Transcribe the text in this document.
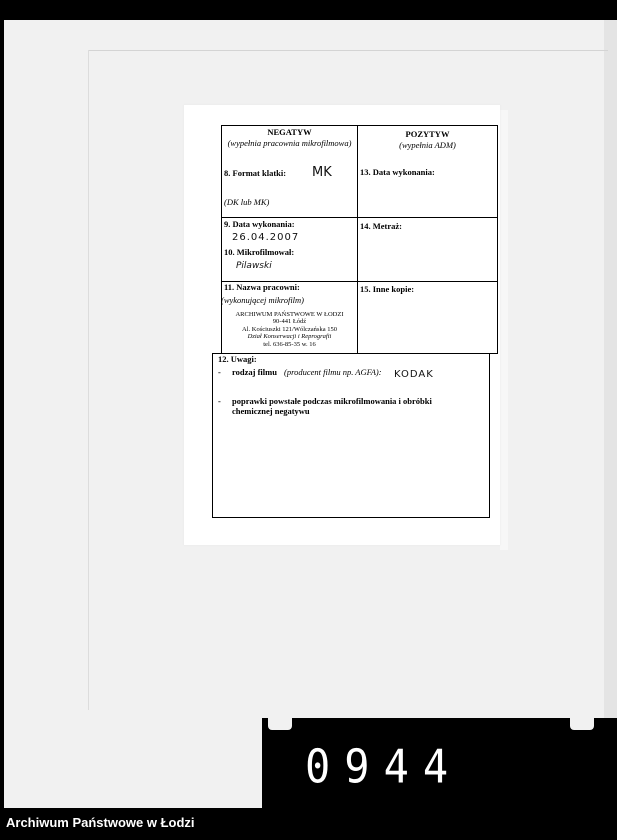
NEGATYW
(wypełnia pracownia mikrofilmowa)
POZYTYW
(wypełnia ADM)
8. Format klatki: MK
(DK lub MK)
13. Data wykonania:
9. Data wykonania:
26.04.2007
10. Mikrofilmował:
Pilawski
14. Metraż:
11. Nazwa pracowni:
(wykonującej mikrofilm)
ARCHIWUM PAŃSTWOWE W ŁODZI
90-441 Łódź
Al. Kościuszki 121/Wólczańska 150
Dział Konserwacji i Reprografii
tel. 636-85-35 w. 16
15. Inne kopie:
12. Uwagi:
- rodzaj filmu (producent filmu np. AGFA): KODAK
- poprawki powstałe podczas mikrofilmowania i obróbki
chemicznej negatywu
0944
Archiwum Państwowe w Łodzi
